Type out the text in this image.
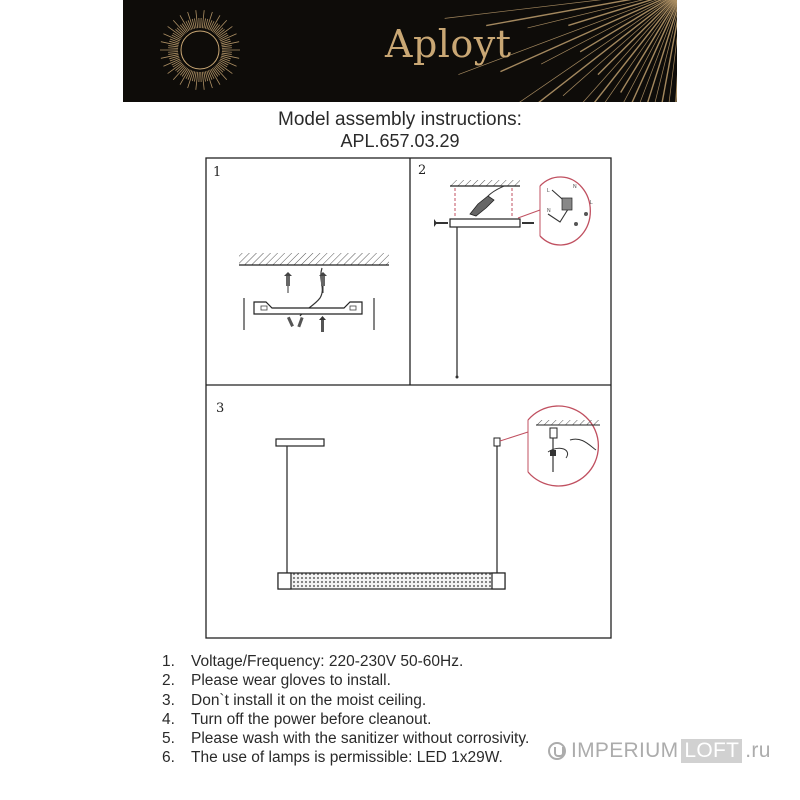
Aployt
Model assembly instructions:
APL.657.03.29
1	2
3
L
N
N
L
1. Voltage/Frequency: 220-230V 50-60Hz.
2. Please wear gloves to install.
3. Don`t install it on the moist ceiling.
4. Turn off the power before cleanout.
5. Please wash with the sanitizer without corrosivity.
6. The use of lamps is permissible: LED 1x29W.	IMPERIUM LOFT .ru
